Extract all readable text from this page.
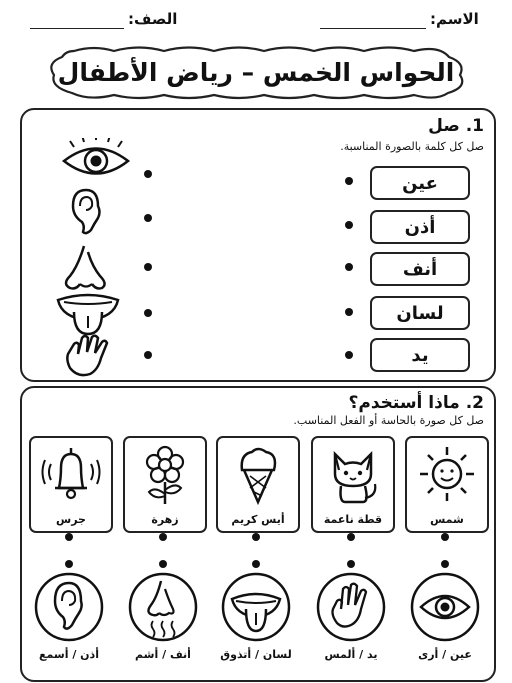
الاسم:
الصف:
الحواس الخمس – رياض الأطفال
1. صل
صل كل كلمة بالصورة المناسبة.
عين
أذن
أنف
لسان
يد
2. ماذا أستخدم؟
صل كل صورة بالحاسة أو الفعل المناسب.
شمس
قطة ناعمة
أيس كريم
زهرة
جرس
عين / أرى
يد / ألمس
لسان / أتذوق
أنف / أشم
أذن / أسمع
